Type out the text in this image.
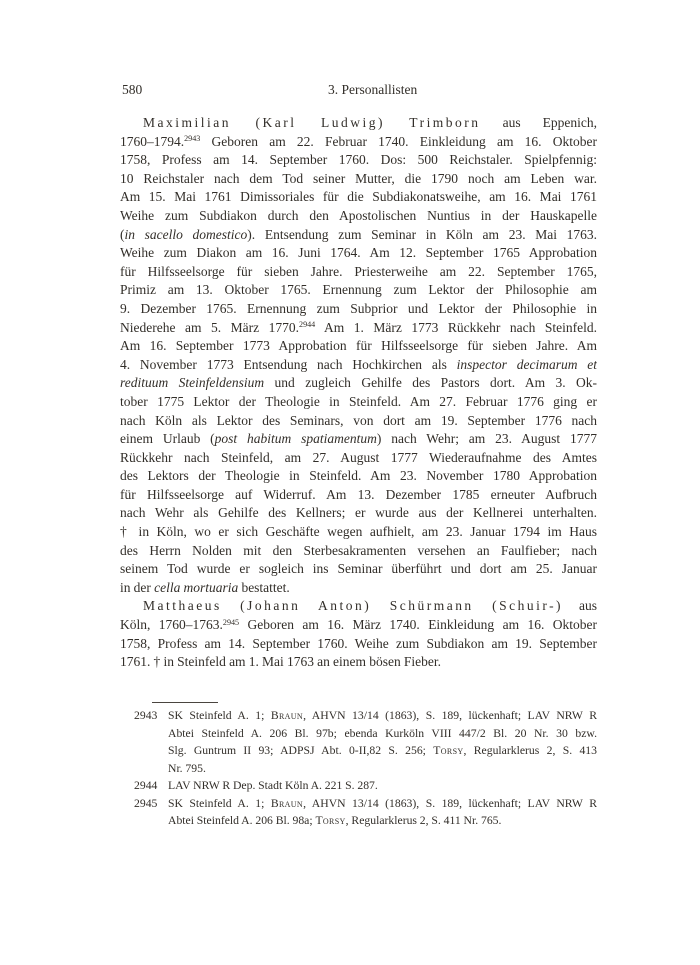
580	3. Personallisten
Maximilian (Karl Ludwig) Trimborn aus Eppenich,
1760–1794.$^{2943}$ Geboren am 22. Februar 1740. Einkleidung am 16. Oktober
1758, Profess am 14. September 1760. Dos: 500 Reichstaler. Spielpfennig:
10 Reichstaler nach dem Tod seiner Mutter, die 1790 noch am Leben war.
Am 15. Mai 1761 Dimissoriales für die Subdiakonatsweihe, am 16. Mai 1761
Weihe zum Subdiakon durch den Apostolischen Nuntius in der Hauskapelle
(in sacello domestico). Entsendung zum Seminar in Köln am 23. Mai 1763.
Weihe zum Diakon am 16. Juni 1764. Am 12. September 1765 Approbation
für Hilfsseelsorge für sieben Jahre. Priesterweihe am 22. September 1765,
Primiz am 13. Oktober 1765. Ernennung zum Lektor der Philosophie am
9. Dezember 1765. Ernennung zum Subprior und Lektor der Philosophie in
Niederehe am 5. März 1770.$^{2944}$ Am 1. März 1773 Rückkehr nach Steinfeld.
Am 16. September 1773 Approbation für Hilfsseelsorge für sieben Jahre. Am
4. November 1773 Entsendung nach Hochkirchen als inspector decimarum et
redituum Steinfeldensium und zugleich Gehilfe des Pastors dort. Am 3. Ok-
tober 1775 Lektor der Theologie in Steinfeld. Am 27. Februar 1776 ging er
nach Köln als Lektor des Seminars, von dort am 19. September 1776 nach
einem Urlaub (post habitum spatiamentum) nach Wehr; am 23. August 1777
Rückkehr nach Steinfeld, am 27. August 1777 Wiederaufnahme des Amtes
des Lektors der Theologie in Steinfeld. Am 23. November 1780 Approbation
für Hilfsseelsorge auf Widerruf. Am 13. Dezember 1785 erneuter Aufbruch
nach Wehr als Gehilfe des Kellners; er wurde aus der Kellnerei unterhalten.
† in Köln, wo er sich Geschäfte wegen aufhielt, am 23. Januar 1794 im Haus
des Herrn Nolden mit den Sterbesakramenten versehen an Faulfieber; nach
seinem Tod wurde er sogleich ins Seminar überführt und dort am 25. Januar
in der cella mortuaria bestattet.
Matthaeus (Johann Anton) Schürmann (Schuir-) aus
Köln, 1760–1763.$^{2945}$ Geboren am 16. März 1740. Einkleidung am 16. Oktober
1758, Profess am 14. September 1760. Weihe zum Subdiakon am 19. September
1761. † in Steinfeld am 1. Mai 1763 an einem bösen Fieber.
2943 SK Steinfeld A. 1; Braun, AHVN 13/14 (1863), S. 189, lückenhaft; LAV NRW R
Abtei Steinfeld A. 206 Bl. 97b; ebenda Kurköln VIII 447/2 Bl. 20 Nr. 30 bzw.
Slg. Guntrum II 93; ADPSJ Abt. 0-II,82 S. 256; Torsy, Regularklerus 2, S. 413
Nr. 795.
2944 LAV NRW R Dep. Stadt Köln A. 221 S. 287.
2945 SK Steinfeld A. 1; Braun, AHVN 13/14 (1863), S. 189, lückenhaft; LAV NRW R
Abtei Steinfeld A. 206 Bl. 98a; Torsy, Regularklerus 2, S. 411 Nr. 765.
